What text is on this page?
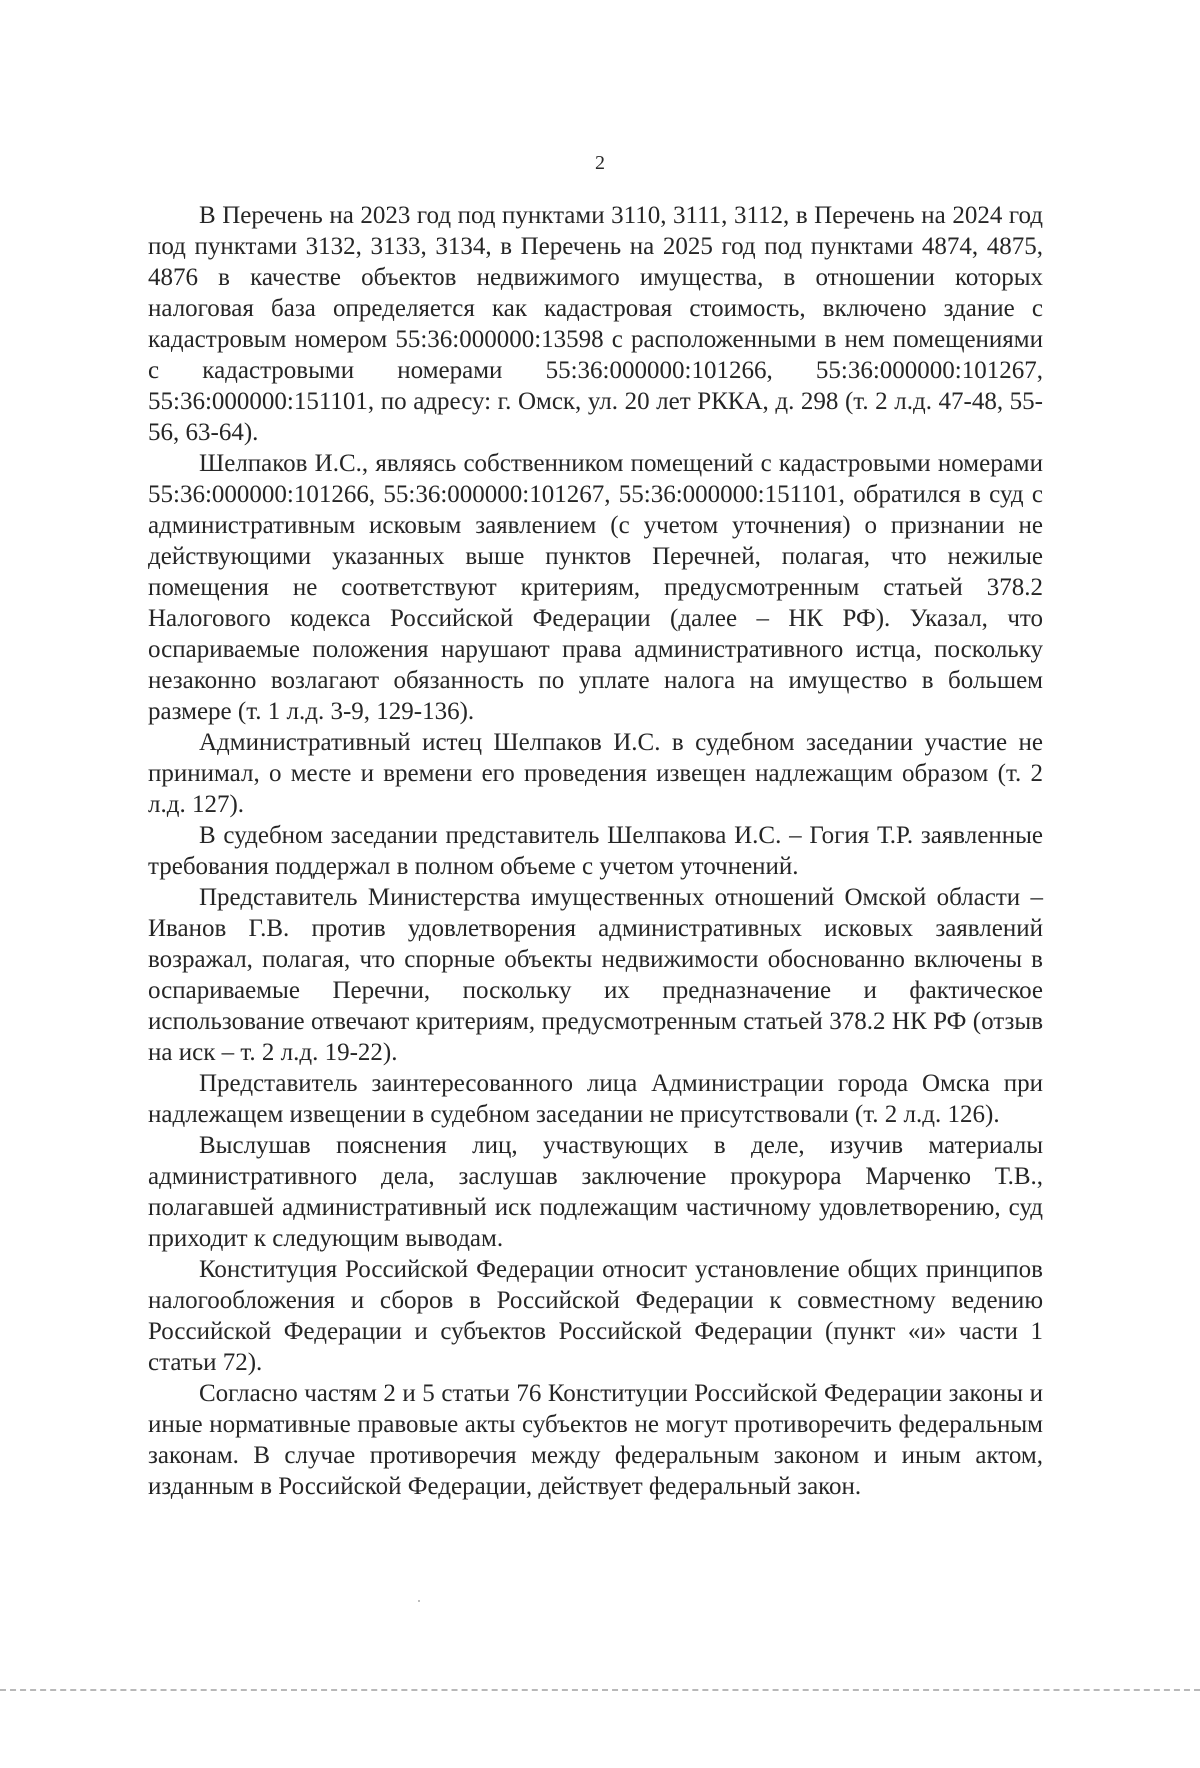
2

В Перечень на 2023 год под пунктами 3110, 3111, 3112, в Перечень на 2024 год под пунктами 3132, 3133, 3134, в Перечень на 2025 год под пунктами 4874, 4875, 4876 в качестве объектов недвижимого имущества, в отношении которых налоговая база определяется как кадастровая стоимость, включено здание с кадастровым номером 55:36:000000:13598 с расположенными в нем помещениями с кадастровыми номерами 55:36:000000:101266, 55:36:000000:101267, 55:36:000000:151101, по адресу: г. Омск, ул. 20 лет РККА, д. 298 (т. 2 л.д. 47-48, 55-56, 63-64).

Шелпаков И.С., являясь собственником помещений с кадастровыми номерами 55:36:000000:101266, 55:36:000000:101267, 55:36:000000:151101, обратился в суд с административным исковым заявлением (с учетом уточнения) о признании не действующими указанных выше пунктов Перечней, полагая, что нежилые помещения не соответствуют критериям, предусмотренным статьей 378.2 Налогового кодекса Российской Федерации (далее – НК РФ). Указал, что оспариваемые положения нарушают права административного истца, поскольку незаконно возлагают обязанность по уплате налога на имущество в большем размере (т. 1 л.д. 3-9, 129-136).

Административный истец Шелпаков И.С. в судебном заседании участие не принимал, о месте и времени его проведения извещен надлежащим образом (т. 2 л.д. 127).

В судебном заседании представитель Шелпакова И.С. – Гогия Т.Р. заявленные требования поддержал в полном объеме с учетом уточнений.

Представитель Министерства имущественных отношений Омской области – Иванов Г.В. против удовлетворения административных исковых заявлений возражал, полагая, что спорные объекты недвижимости обоснованно включены в оспариваемые Перечни, поскольку их предназначение и фактическое использование отвечают критериям, предусмотренным статьей 378.2 НК РФ (отзыв на иск – т. 2 л.д. 19-22).

Представитель заинтересованного лица Администрации города Омска при надлежащем извещении в судебном заседании не присутствовали (т. 2 л.д. 126).

Выслушав пояснения лиц, участвующих в деле, изучив материалы административного дела, заслушав заключение прокурора Марченко Т.В., полагавшей административный иск подлежащим частичному удовлетворению, суд приходит к следующим выводам.

Конституция Российской Федерации относит установление общих принципов налогообложения и сборов в Российской Федерации к совместному ведению Российской Федерации и субъектов Российской Федерации (пункт «и» части 1 статьи 72).

Согласно частям 2 и 5 статьи 76 Конституции Российской Федерации законы и иные нормативные правовые акты субъектов не могут противоречить федеральным законам. В случае противоречия между федеральным законом и иным актом, изданным в Российской Федерации, действует федеральный закон.
